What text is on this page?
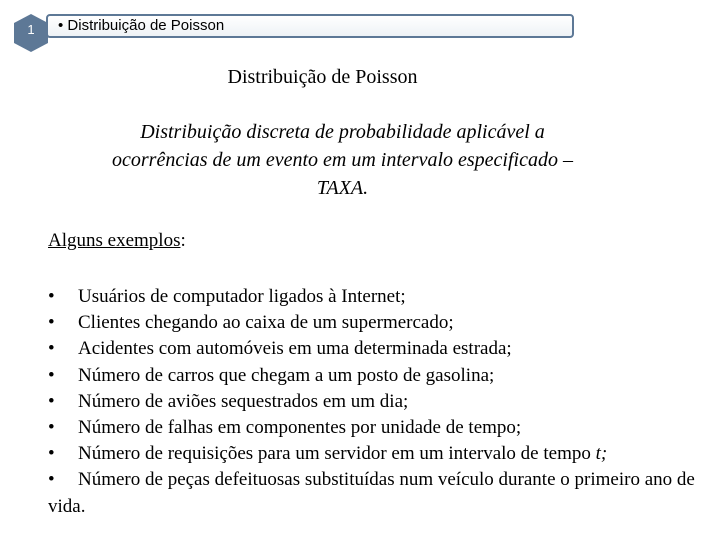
1	• Distribuição de Poisson
Distribuição de Poisson
Distribuição discreta de probabilidade aplicável a ocorrências de um evento em um intervalo especificado – TAXA.
Alguns exemplos:
• Usuários de computador ligados à Internet;
• Clientes chegando ao caixa de um supermercado;
• Acidentes com automóveis em uma determinada estrada;
• Número de carros que chegam a um posto de gasolina;
• Número de aviões sequestrados em um dia;
• Número de falhas em componentes por unidade de tempo;
• Número de requisições para um servidor em um intervalo de tempo t;
• Número de peças defeituosas substituídas num veículo durante o primeiro ano de vida.
